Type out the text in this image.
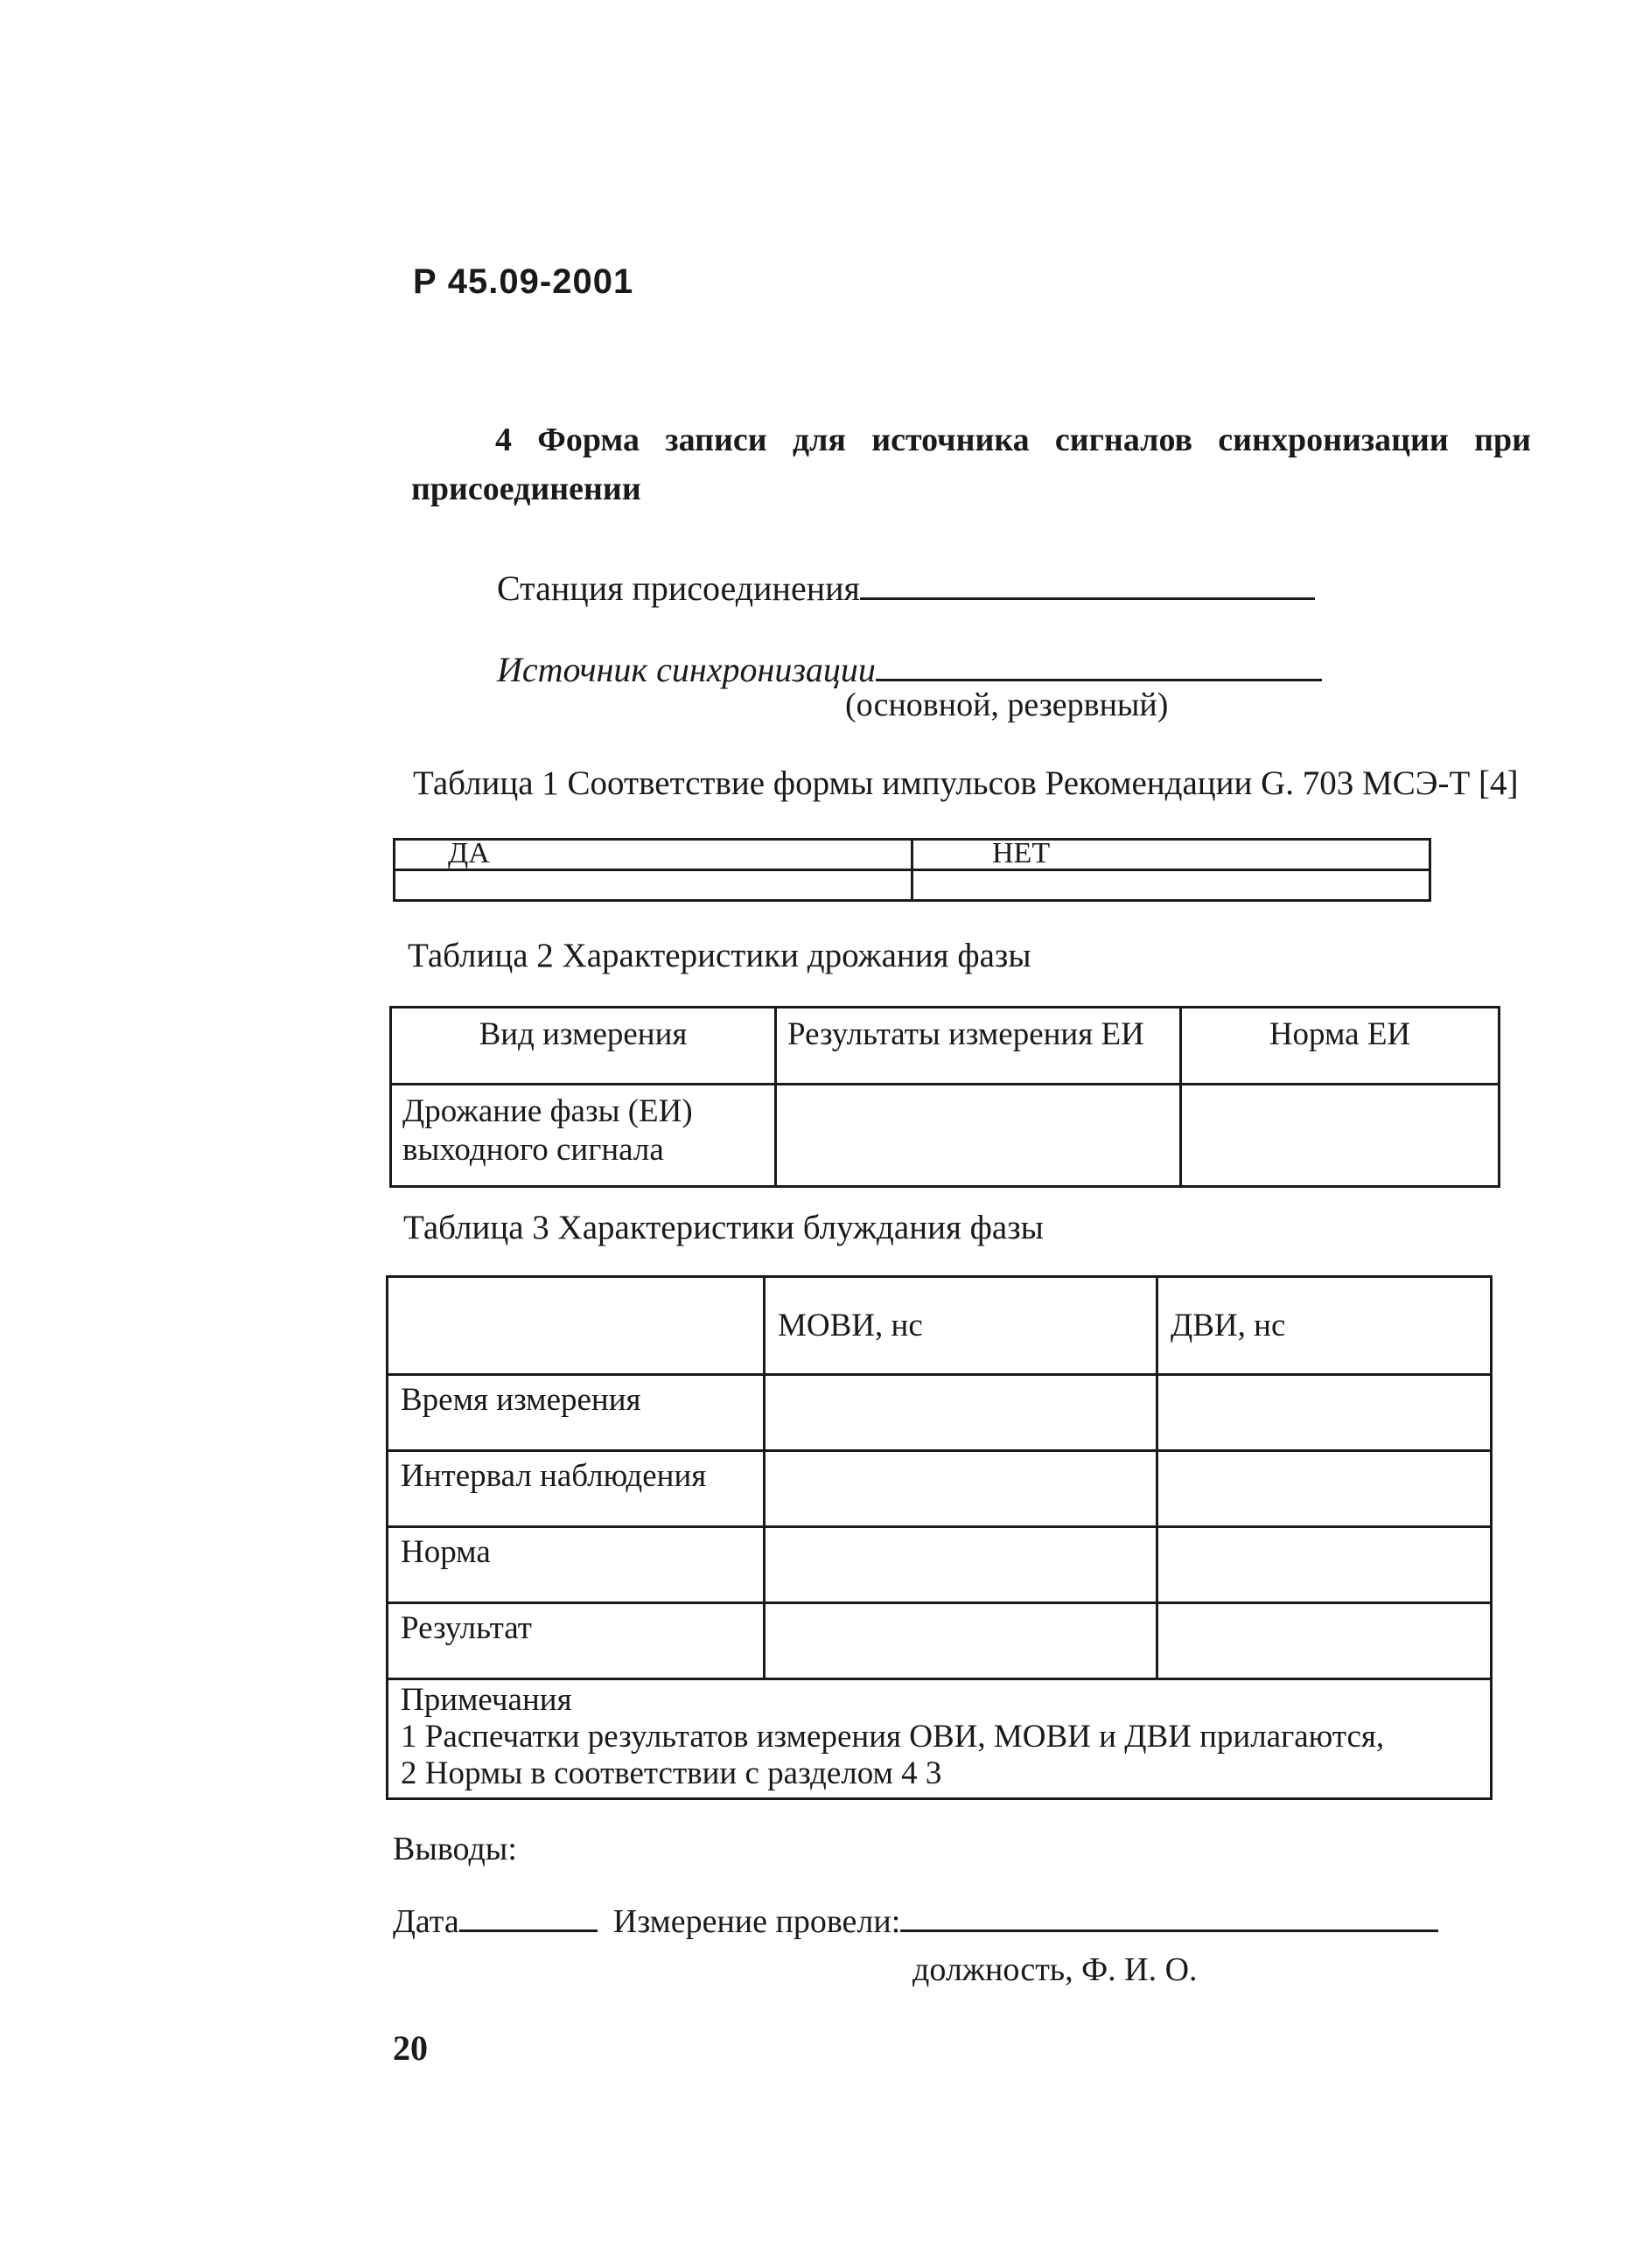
Р 45.09-2001
4 Форма записи для источника сигналов синхронизации при
присоединении
Станция присоединения
Источник синхронизации
(основной, резервный)
Таблица 1 Соответствие формы импульсов Рекомендации G. 703 МСЭ-Т [4]
ДА	НЕТ

Таблица 2 Характеристики дрожания фазы
Вид измерения	Результаты измерения ЕИ	Норма ЕИ
Дрожание фазы (ЕИ) выходного сигнала		
Таблица 3 Характеристики блуждания фазы
	МОВИ, нс	ДВИ, нс
Время измерения		
Интервал наблюдения		
Норма		
Результат		

Примечания
1 Распечатки результатов измерения ОВИ, МОВИ и ДВИ прилагаются,
2 Нормы в соответствии с разделом 4 3		
Выводы:
Дата	Измерение провели:
должность, Ф. И. О.
20
